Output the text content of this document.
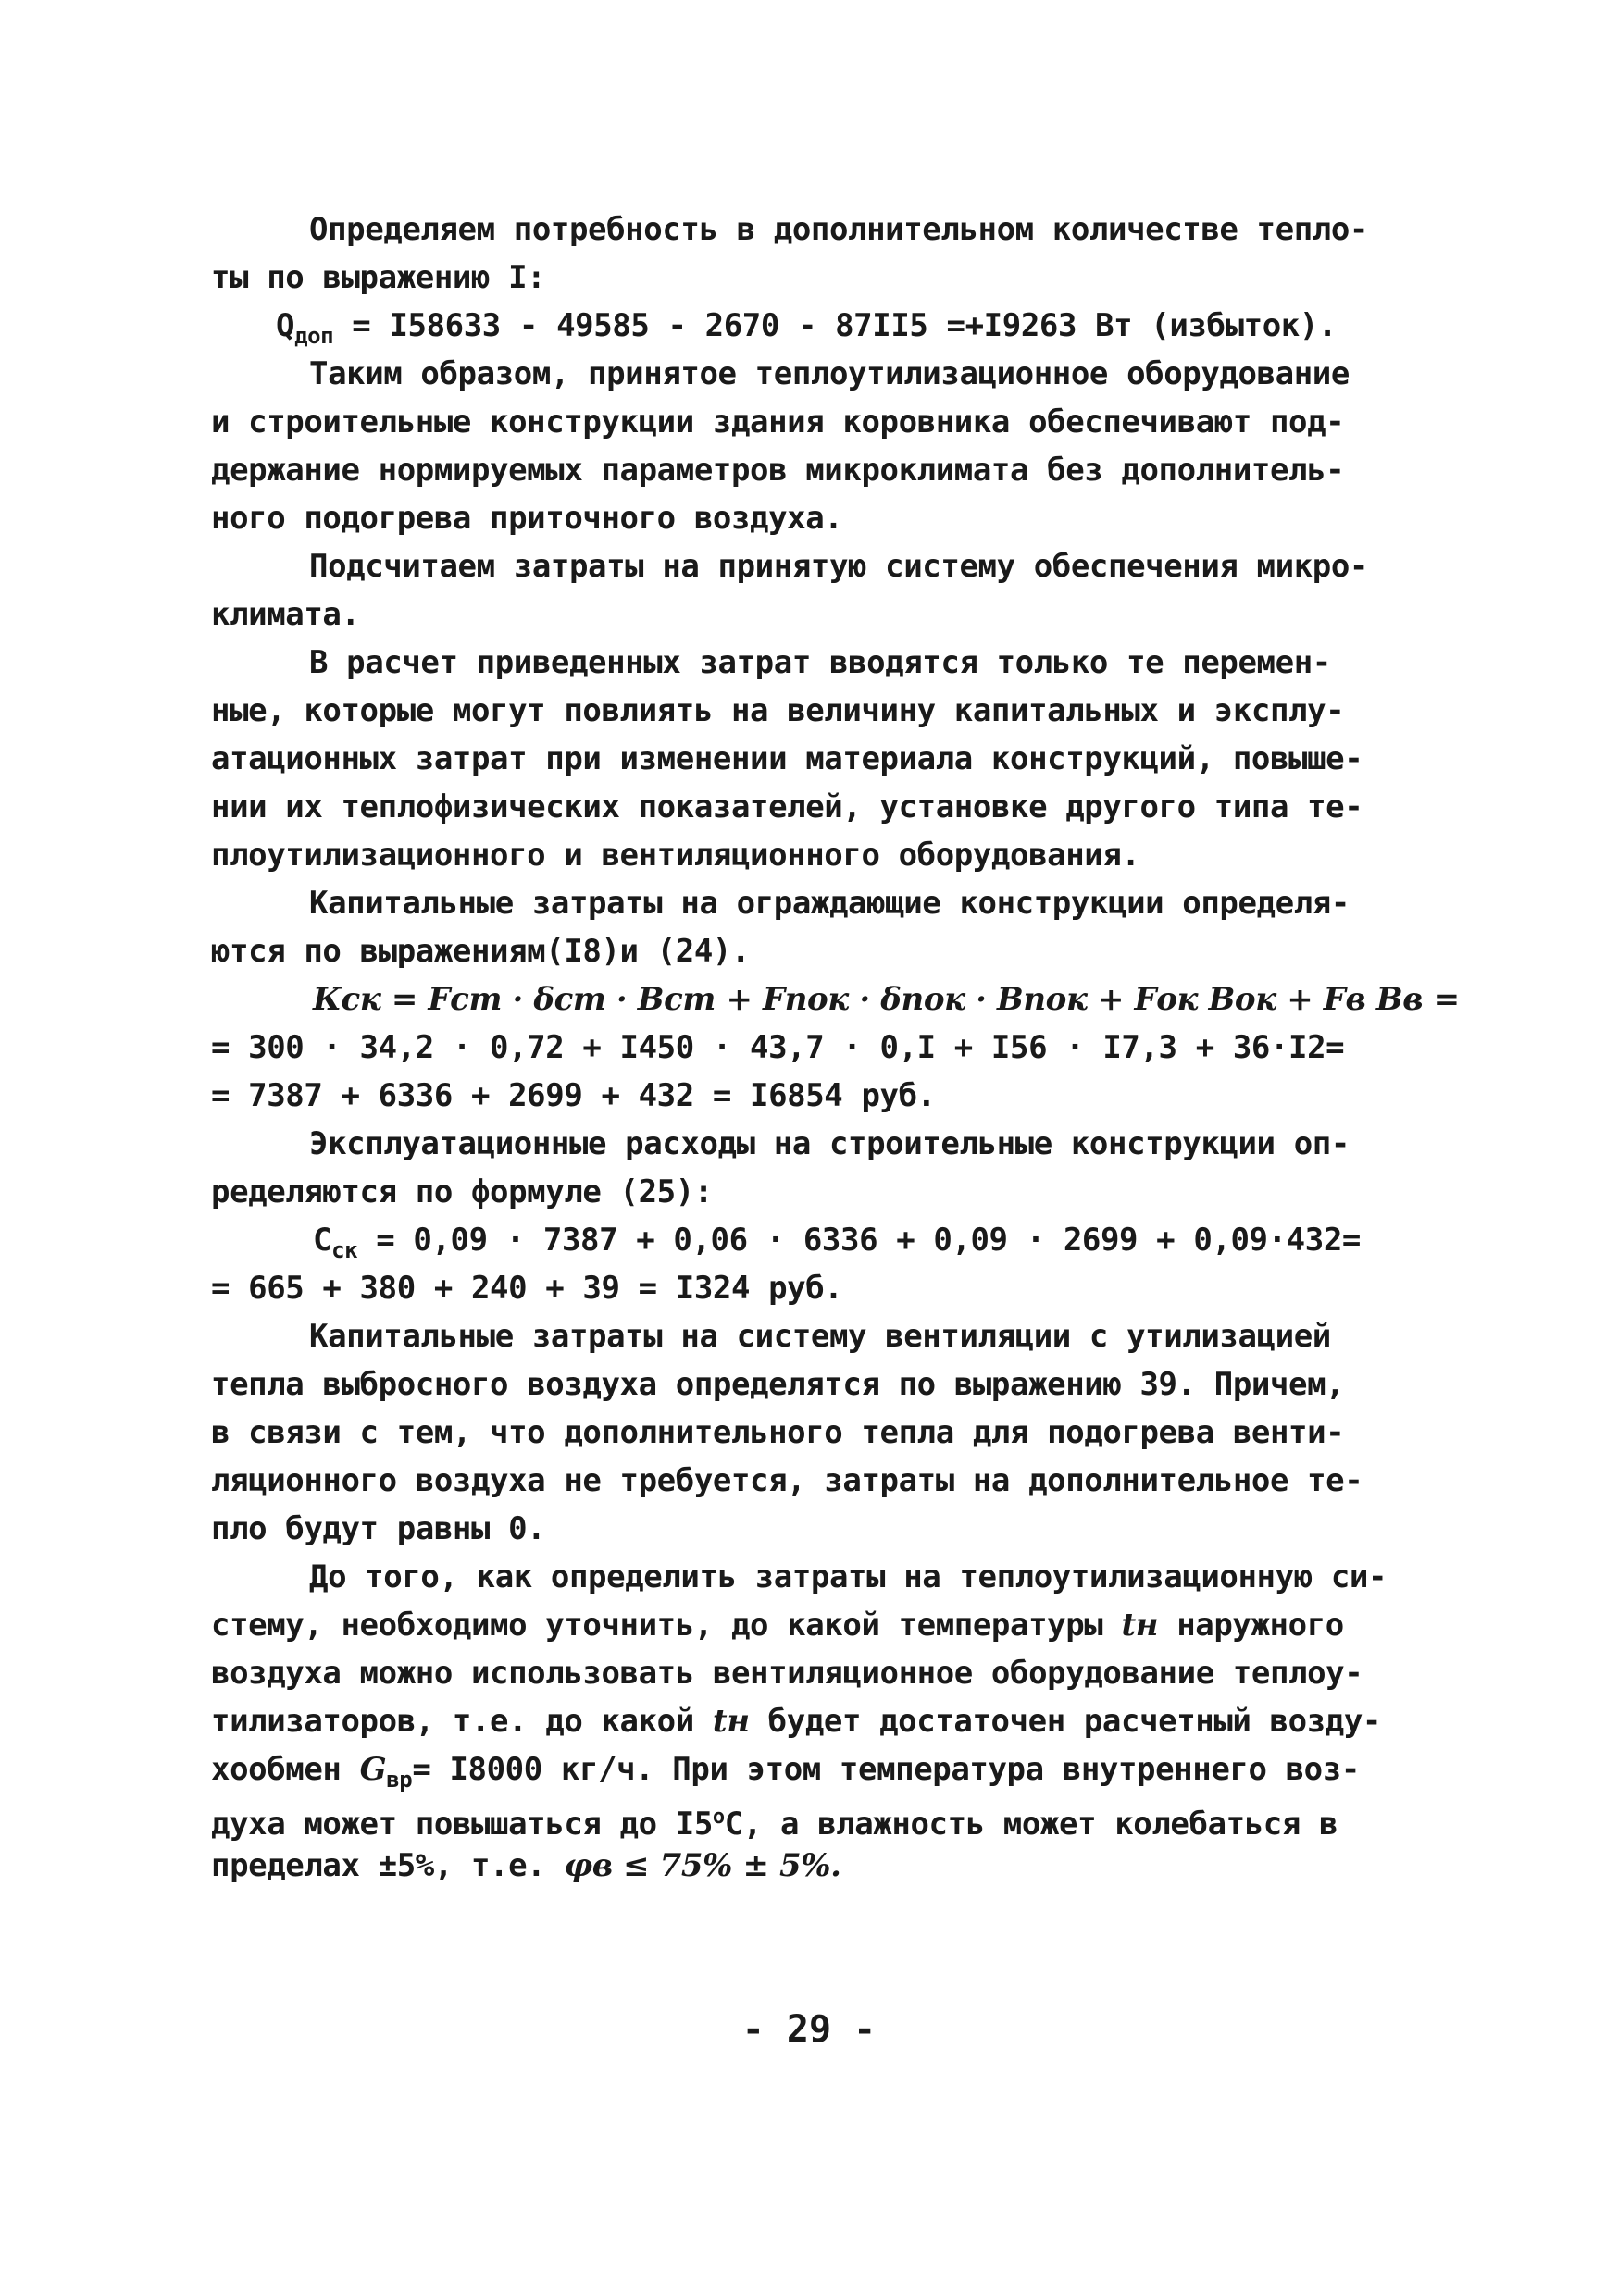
Определяем потребность в дополнительном количестве тепло-
ты по выражению I:
$Q_{доп} = I58633 - 49585 - 2670 - 87II5 =+I9263$ Вт (избыток).
Таким образом, принятое теплоутилизационное оборудование
и строительные конструкции здания коровника обеспечивают под-
держание нормируемых параметров микроклимата без дополнитель-
ного подогрева приточного воздуха.
Подсчитаем затраты на принятую систему обеспечения микро-
климата.
В расчет приведенных затрат вводятся только те перемен-
ные, которые могут повлиять на величину капитальных и эксплу-
атационных затрат при изменении материала конструкций, повыше-
нии их теплофизических показателей, установке другого типа те-
плоутилизационного и вентиляционного оборудования.
Капитальные затраты на ограждающие конструкции определя-
ются по выражениям(I8)и (24).
Кск = Fст · δст · Вст + Fпок · δпок · Впок + Fок Вок + Fв Вв =
= 300 · 34,2 · 0,72 + I450 · 43,7 · 0,I + I56 · I7,3 + 36·I2=
= 7387 + 6336 + 2699 + 432 = I6854 руб.
Эксплуатационные расходы на строительные конструкции оп-
ределяются по формуле (25):
$С_{ск} = 0,09 \cdot 7387 + 0,06 \cdot 6336 + 0,09 \cdot 2699 + 0,09\cdot 432=$
= 665 + 380 + 240 + 39 = I324 руб.
Капитальные затраты на систему вентиляции с утилизацией
тепла выбросного воздуха определятся по выражению 39. Причем,
в связи с тем, что дополнительного тепла для подогрева венти-
ляционного воздуха не требуется, затраты на дополнительное те-
пло будут равны 0.
До того, как определить затраты на теплоутилизационную си-
стему, необходимо уточнить, до какой температуры tн наружного
воздуха можно использовать вентиляционное оборудование теплоу-
тилизаторов, т.е. до какой tн будет достаточен расчетный возду-
хообмен $G_{вр}= I8000$ кг/ч. При этом температура внутреннего воз-
духа может повышаться до $I5^оС$, а влажность может колебаться в
пределах ±5%, т.е. φв ≤ 75% ± 5%.
- 29 -
